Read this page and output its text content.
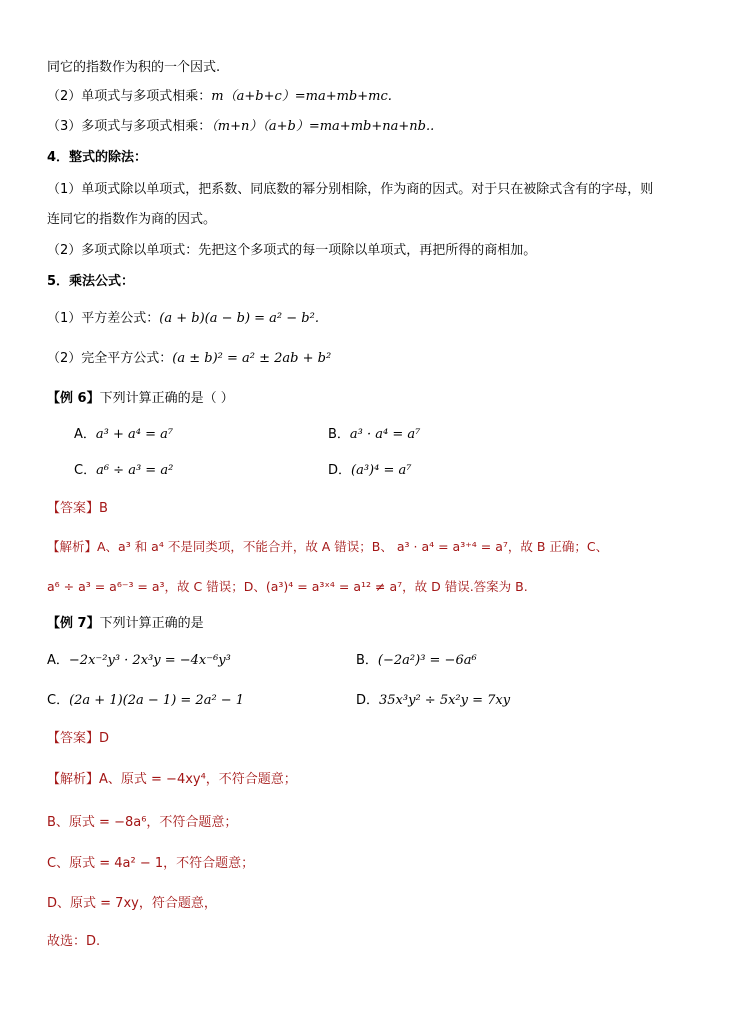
同它的指数作为积的一个因式.
（2）单项式与多项式相乘：m（a+b+c）=ma+mb+mc.
（3）多项式与多项式相乘：（m+n）（a+b）=ma+mb+na+nb..
4．整式的除法：
（1）单项式除以单项式，把系数、同底数的幂分别相除，作为商的因式。对于只在被除式含有的字母，则
连同它的指数作为商的因式。
（2）多项式除以单项式：先把这个多项式的每一项除以单项式，再把所得的商相加。
5．乘法公式：
（1）平方差公式：(a + b)(a − b) = a² − b².
（2）完全平方公式：(a ± b)² = a² ± 2ab + b²
【例 6】下列计算正确的是（ ）
A．a³ + a⁴ = a⁷	B．a³ · a⁴ = a⁷
C．a⁶ ÷ a³ = a²	D．(a³)⁴ = a⁷
【答案】B
【解析】A、a³ 和 a⁴ 不是同类项，不能合并，故 A 错误；B、 a³ · a⁴ = a³⁺⁴ = a⁷，故 B 正确；C、
a⁶ ÷ a³ = a⁶⁻³ = a³，故 C 错误；D、(a³)⁴ = a³ˣ⁴ = a¹² ≠ a⁷，故 D 错误.答案为 B.
【例 7】下列计算正确的是
A．−2x⁻²y³ · 2x³y = −4x⁻⁶y³	B．(−2a²)³ = −6a⁶
C．(2a + 1)(2a − 1) = 2a² − 1	D．35x³y² ÷ 5x²y = 7xy
【答案】D
【解析】A、原式 = −4xy⁴，不符合题意；
B、原式 = −8a⁶，不符合题意；
C、原式 = 4a² − 1，不符合题意；
D、原式 = 7xy，符合题意，
故选：D.
